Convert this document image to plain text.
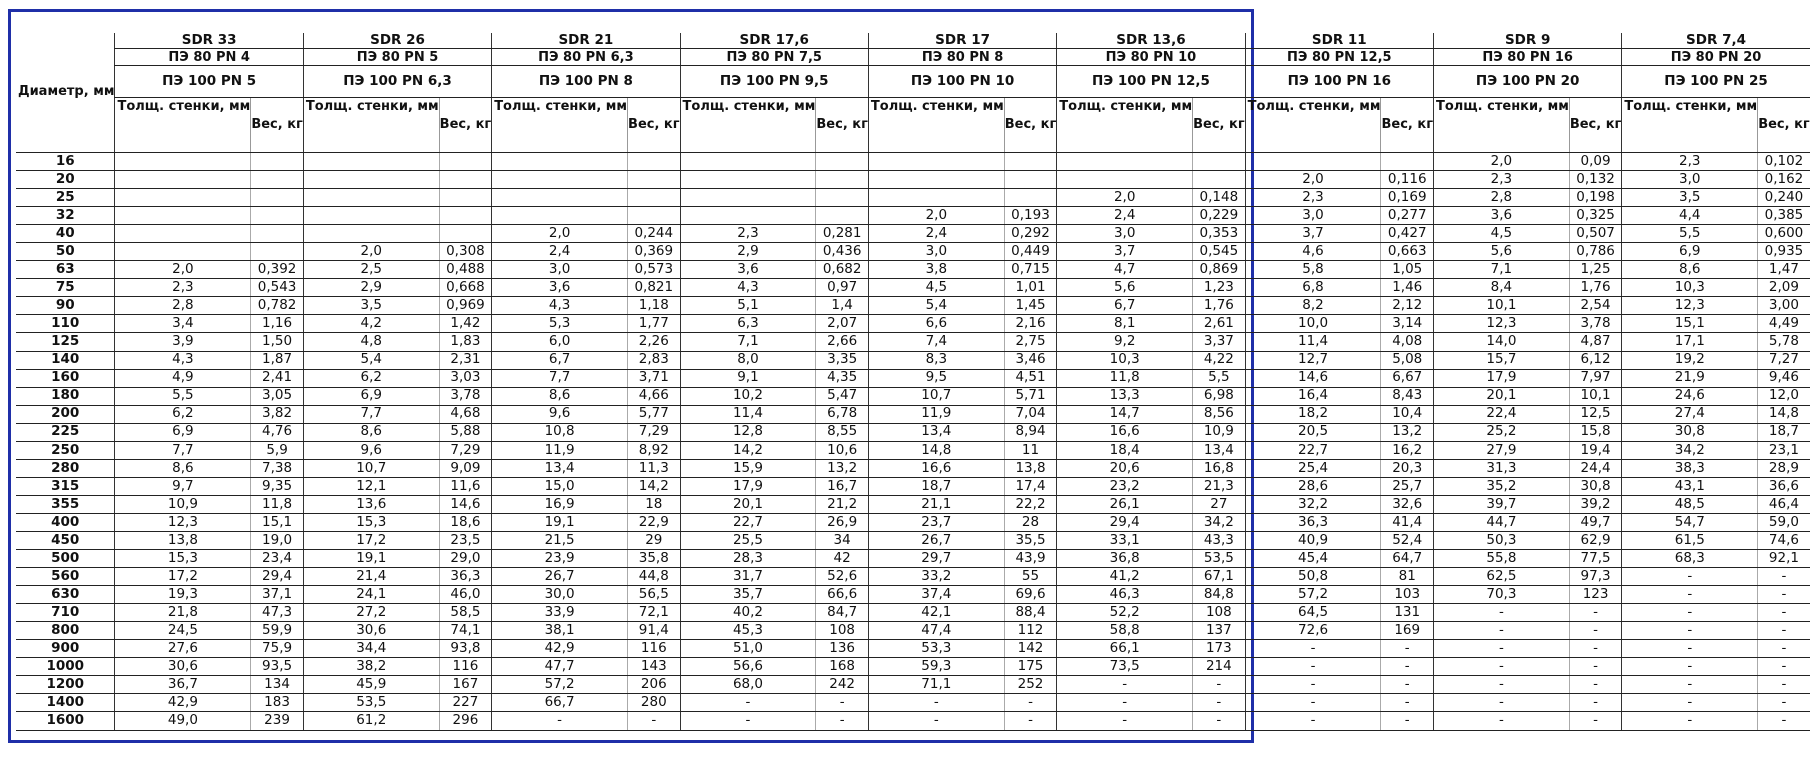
Диаметр, мм	SDR 33		SDR 26		SDR 21		SDR 17,6		SDR 17		SDR 13,6		SDR 11		SDR 9		SDR 7,4	
	ПЭ 80 PN 4		ПЭ 80 PN 5		ПЭ 80 PN 6,3		ПЭ 80 PN 7,5		ПЭ 80 PN 8		ПЭ 80 PN 10		ПЭ 80 PN 12,5		ПЭ 80 PN 16		ПЭ 80 PN 20	
	ПЭ 100 PN 5		ПЭ 100 PN 6,3		ПЭ 100 PN 8		ПЭ 100 PN 9,5		ПЭ 100 PN 10		ПЭ 100 PN 12,5		ПЭ 100 PN 16		ПЭ 100 PN 20		ПЭ 100 PN 25	
	Толщ. стенки, мм	Вес, кг	Толщ. стенки, мм	Вес, кг	Толщ. стенки, мм	Вес, кг	Толщ. стенки, мм	Вес, кг	Толщ. стенки, мм	Вес, кг	Толщ. стенки, мм	Вес, кг	Толщ. стенки, мм	Вес, кг	Толщ. стенки, мм	Вес, кг	Толщ. стенки, мм	Вес, кг
16															2,0	0,09	2,3	0,102
20													2,0	0,116	2,3	0,132	3,0	0,162
25											2,0	0,148	2,3	0,169	2,8	0,198	3,5	0,240
32									2,0	0,193	2,4	0,229	3,0	0,277	3,6	0,325	4,4	0,385
40					2,0	0,244	2,3	0,281	2,4	0,292	3,0	0,353	3,7	0,427	4,5	0,507	5,5	0,600
50			2,0	0,308	2,4	0,369	2,9	0,436	3,0	0,449	3,7	0,545	4,6	0,663	5,6	0,786	6,9	0,935
63	2,0	0,392	2,5	0,488	3,0	0,573	3,6	0,682	3,8	0,715	4,7	0,869	5,8	1,05	7,1	1,25	8,6	1,47
75	2,3	0,543	2,9	0,668	3,6	0,821	4,3	0,97	4,5	1,01	5,6	1,23	6,8	1,46	8,4	1,76	10,3	2,09
90	2,8	0,782	3,5	0,969	4,3	1,18	5,1	1,4	5,4	1,45	6,7	1,76	8,2	2,12	10,1	2,54	12,3	3,00
110	3,4	1,16	4,2	1,42	5,3	1,77	6,3	2,07	6,6	2,16	8,1	2,61	10,0	3,14	12,3	3,78	15,1	4,49
125	3,9	1,50	4,8	1,83	6,0	2,26	7,1	2,66	7,4	2,75	9,2	3,37	11,4	4,08	14,0	4,87	17,1	5,78
140	4,3	1,87	5,4	2,31	6,7	2,83	8,0	3,35	8,3	3,46	10,3	4,22	12,7	5,08	15,7	6,12	19,2	7,27
160	4,9	2,41	6,2	3,03	7,7	3,71	9,1	4,35	9,5	4,51	11,8	5,5	14,6	6,67	17,9	7,97	21,9	9,46
180	5,5	3,05	6,9	3,78	8,6	4,66	10,2	5,47	10,7	5,71	13,3	6,98	16,4	8,43	20,1	10,1	24,6	12,0
200	6,2	3,82	7,7	4,68	9,6	5,77	11,4	6,78	11,9	7,04	14,7	8,56	18,2	10,4	22,4	12,5	27,4	14,8
225	6,9	4,76	8,6	5,88	10,8	7,29	12,8	8,55	13,4	8,94	16,6	10,9	20,5	13,2	25,2	15,8	30,8	18,7
250	7,7	5,9	9,6	7,29	11,9	8,92	14,2	10,6	14,8	11	18,4	13,4	22,7	16,2	27,9	19,4	34,2	23,1
280	8,6	7,38	10,7	9,09	13,4	11,3	15,9	13,2	16,6	13,8	20,6	16,8	25,4	20,3	31,3	24,4	38,3	28,9
315	9,7	9,35	12,1	11,6	15,0	14,2	17,9	16,7	18,7	17,4	23,2	21,3	28,6	25,7	35,2	30,8	43,1	36,6
355	10,9	11,8	13,6	14,6	16,9	18	20,1	21,2	21,1	22,2	26,1	27	32,2	32,6	39,7	39,2	48,5	46,4
400	12,3	15,1	15,3	18,6	19,1	22,9	22,7	26,9	23,7	28	29,4	34,2	36,3	41,4	44,7	49,7	54,7	59,0
450	13,8	19,0	17,2	23,5	21,5	29	25,5	34	26,7	35,5	33,1	43,3	40,9	52,4	50,3	62,9	61,5	74,6
500	15,3	23,4	19,1	29,0	23,9	35,8	28,3	42	29,7	43,9	36,8	53,5	45,4	64,7	55,8	77,5	68,3	92,1
560	17,2	29,4	21,4	36,3	26,7	44,8	31,7	52,6	33,2	55	41,2	67,1	50,8	81	62,5	97,3	-	-
630	19,3	37,1	24,1	46,0	30,0	56,5	35,7	66,6	37,4	69,6	46,3	84,8	57,2	103	70,3	123	-	-
710	21,8	47,3	27,2	58,5	33,9	72,1	40,2	84,7	42,1	88,4	52,2	108	64,5	131	-	-	-	-
800	24,5	59,9	30,6	74,1	38,1	91,4	45,3	108	47,4	112	58,8	137	72,6	169	-	-	-	-
900	27,6	75,9	34,4	93,8	42,9	116	51,0	136	53,3	142	66,1	173	-	-	-	-	-	-
1000	30,6	93,5	38,2	116	47,7	143	56,6	168	59,3	175	73,5	214	-	-	-	-	-	-
1200	36,7	134	45,9	167	57,2	206	68,0	242	71,1	252	-	-	-	-	-	-	-	-
1400	42,9	183	53,5	227	66,7	280	-	-	-	-	-	-	-	-	-	-	-	-
1600	49,0	239	61,2	296	-	-	-	-	-	-	-	-	-	-	-	-	-	-
